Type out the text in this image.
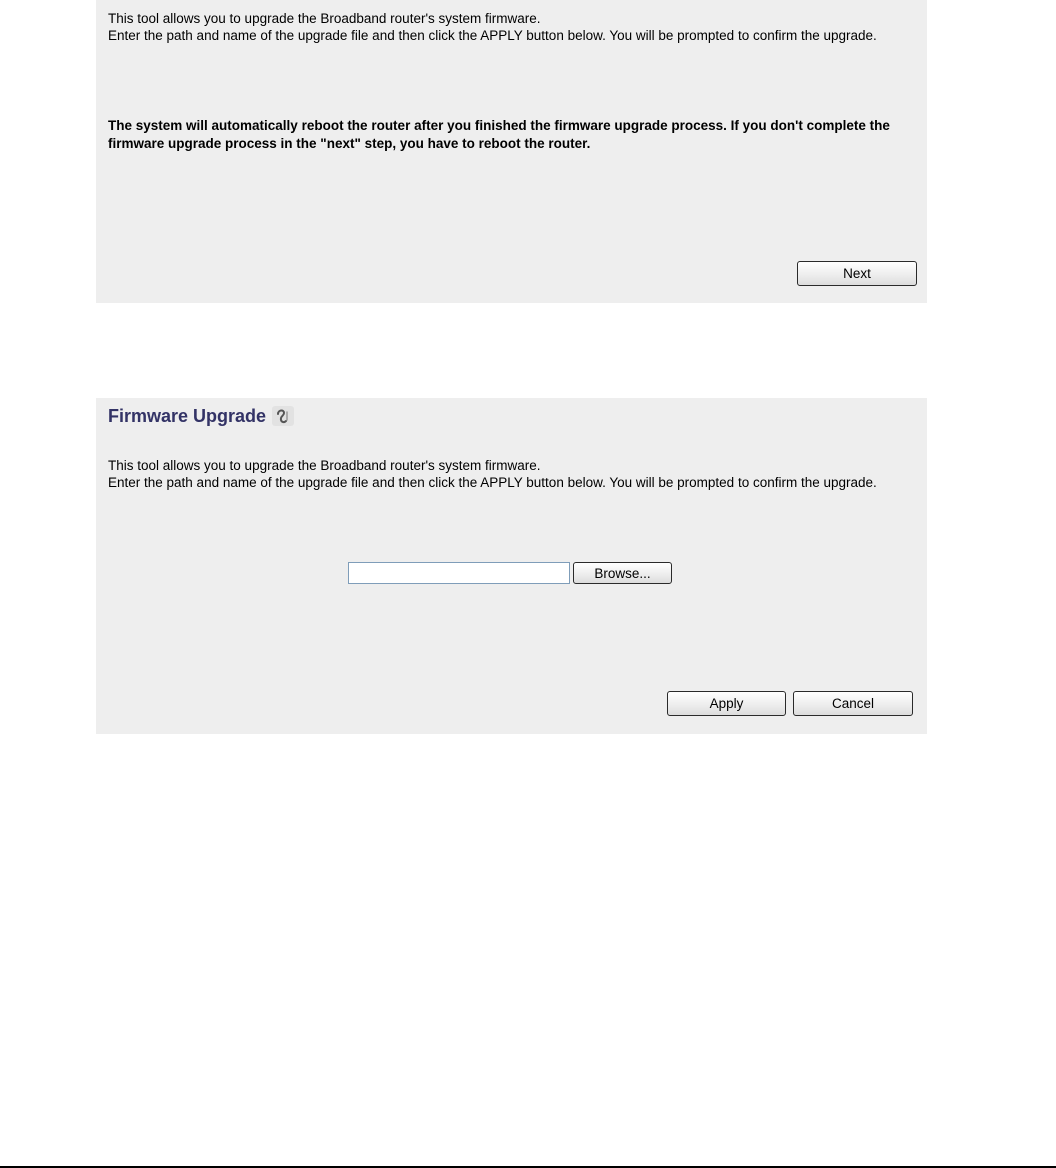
This tool allows you to upgrade the Broadband router's system firmware.

Enter the path and name of the upgrade file and then click the APPLY button below. You will be prompted to confirm the upgrade.

The system will automatically reboot the router after you finished the firmware upgrade process. If you don't complete the firmware upgrade process in the "next" step, you have to reboot the router.

Next
Firmware Upgrade

This tool allows you to upgrade the Broadband router's system firmware.

Enter the path and name of the upgrade file and then click the APPLY button below. You will be prompted to confirm the upgrade.

Browse...
Apply	Cancel
